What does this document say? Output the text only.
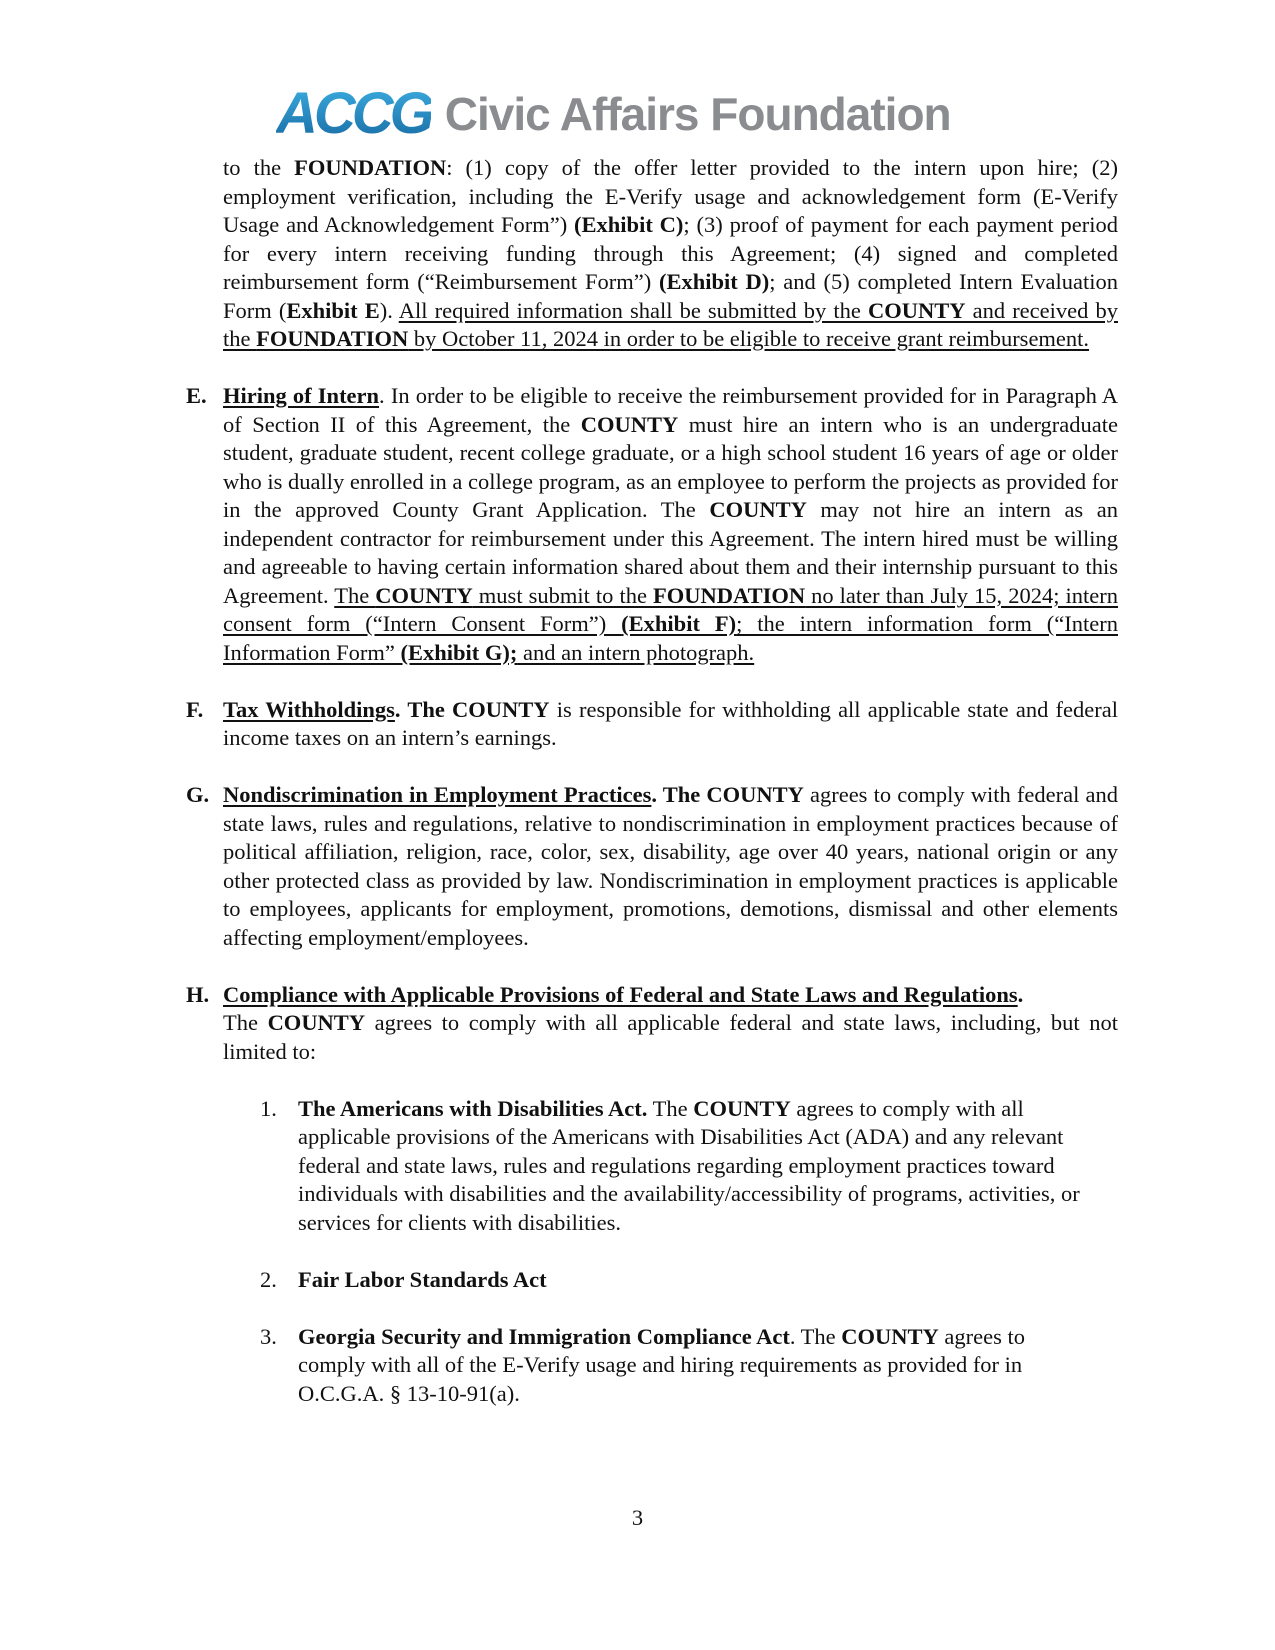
ACCG Civic Affairs Foundation

to the FOUNDATION: (1) copy of the offer letter provided to the intern upon hire; (2) employment verification, including the E-Verify usage and acknowledgement form (E-Verify Usage and Acknowledgement Form”) (Exhibit C); (3) proof of payment for each payment period for every intern receiving funding through this Agreement; (4) signed and completed reimbursement form (“Reimbursement Form”) (Exhibit D); and (5) completed Intern Evaluation Form (Exhibit E). All required information shall be submitted by the COUNTY and received by the FOUNDATION by October 11, 2024 in order to be eligible to receive grant reimbursement.

E. Hiring of Intern. In order to be eligible to receive the reimbursement provided for in Paragraph A of Section II of this Agreement, the COUNTY must hire an intern who is an undergraduate student, graduate student, recent college graduate, or a high school student 16 years of age or older who is dually enrolled in a college program, as an employee to perform the projects as provided for in the approved County Grant Application. The COUNTY may not hire an intern as an independent contractor for reimbursement under this Agreement. The intern hired must be willing and agreeable to having certain information shared about them and their internship pursuant to this Agreement. The COUNTY must submit to the FOUNDATION no later than July 15, 2024; intern consent form (“Intern Consent Form”) (Exhibit F); the intern information form (“Intern Information Form” (Exhibit G); and an intern photograph.

F. Tax Withholdings. The COUNTY is responsible for withholding all applicable state and federal income taxes on an intern’s earnings.

G. Nondiscrimination in Employment Practices. The COUNTY agrees to comply with federal and state laws, rules and regulations, relative to nondiscrimination in employment practices because of political affiliation, religion, race, color, sex, disability, age over 40 years, national origin or any other protected class as provided by law. Nondiscrimination in employment practices is applicable to employees, applicants for employment, promotions, demotions, dismissal and other elements affecting employment/employees.

H. Compliance with Applicable Provisions of Federal and State Laws and Regulations.

The COUNTY agrees to comply with all applicable federal and state laws, including, but not limited to:

1. The Americans with Disabilities Act. The COUNTY agrees to comply with all applicable provisions of the Americans with Disabilities Act (ADA) and any relevant federal and state laws, rules and regulations regarding employment practices toward individuals with disabilities and the availability/accessibility of programs, activities, or services for clients with disabilities.

2. Fair Labor Standards Act

3. Georgia Security and Immigration Compliance Act. The COUNTY agrees to comply with all of the E-Verify usage and hiring requirements as provided for in O.C.G.A. § 13-10-91(a).

3
